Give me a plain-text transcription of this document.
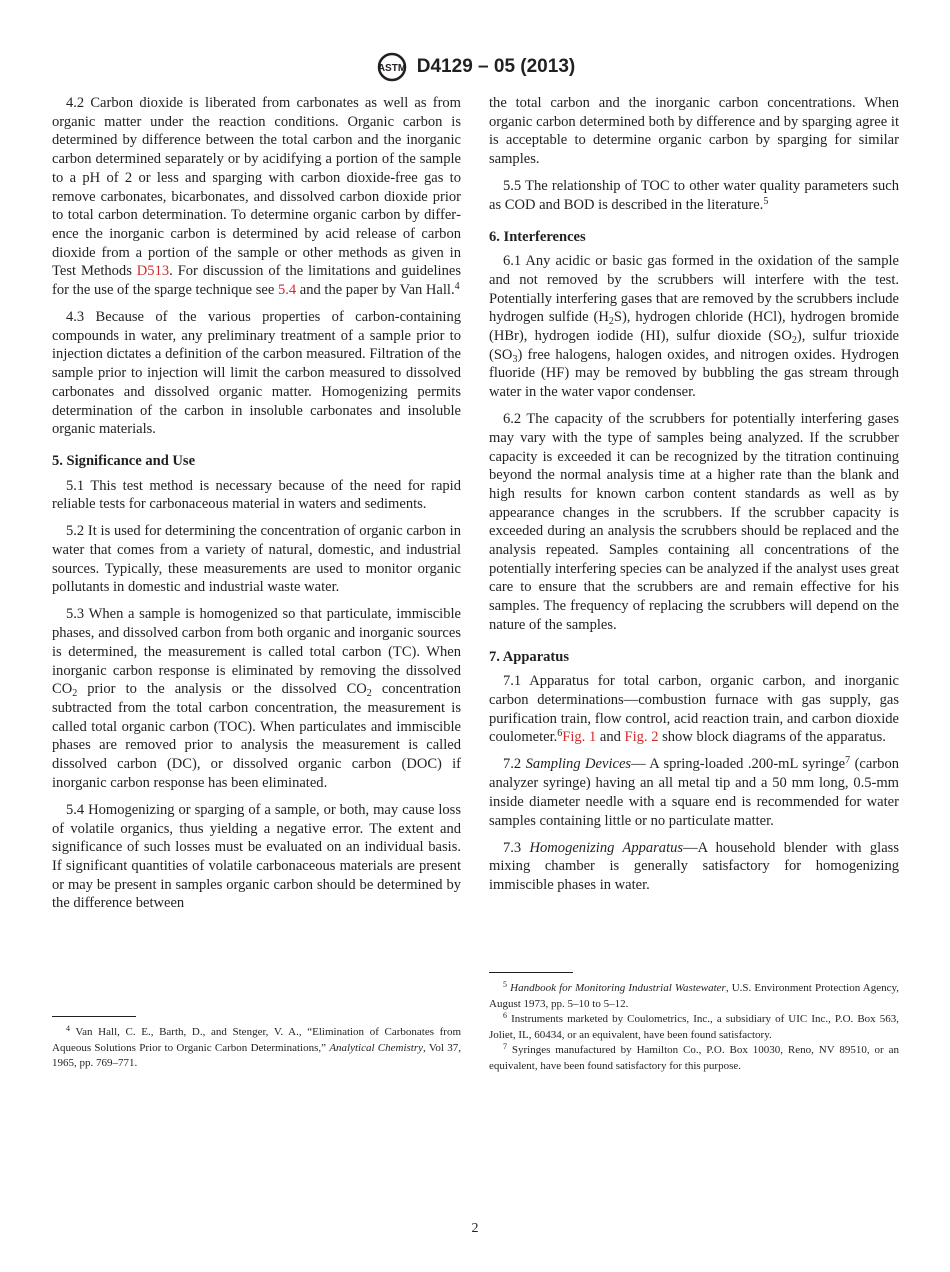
ASTM D4129 – 05 (2013)

4.2 Carbon dioxide is liberated from carbonates as well as from organic matter under the reaction conditions. Organic carbon is determined by difference between the total carbon and the inorganic carbon determined separately or by acidifying a portion of the sample to a pH of 2 or less and sparging with carbon dioxide-free gas to remove carbonates, bicarbonates, and dissolved carbon dioxide prior to total carbon determination. To determine organic carbon by difference the inorganic carbon is determined by acid release of carbon dioxide from a portion of the sample or other methods as given in Test Methods D513. For discussion of the limitations and guidelines for the use of the sparge technique see 5.4 and the paper by Van Hall.$^4$

4.3 Because of the various properties of carbon-containing compounds in water, any preliminary treatment of a sample prior to injection dictates a definition of the carbon measured. Filtration of the sample prior to injection will limit the carbon measured to dissolved carbonates and dissolved organic matter. Homogenizing permits determination of the carbon in insoluble carbonates and insoluble organic materials.

5. Significance and Use

5.1 This test method is necessary because of the need for rapid reliable tests for carbonaceous material in waters and sediments.

5.2 It is used for determining the concentration of organic carbon in water that comes from a variety of natural, domestic, and industrial sources. Typically, these measurements are used to monitor organic pollutants in domestic and industrial waste water.

5.3 When a sample is homogenized so that particulate, immiscible phases, and dissolved carbon from both organic and inorganic sources is determined, the measurement is called total carbon (TC). When inorganic carbon response is eliminated by removing the dissolved $CO_2$ prior to the analysis or the dissolved $CO_2$ concentration subtracted from the total carbon concentration, the measurement is called total organic carbon (TOC). When particulates and immiscible phases are removed prior to analysis the measurement is called dissolved carbon (DC), or dissolved organic carbon (DOC) if inorganic carbon response has been eliminated.

5.4 Homogenizing or sparging of a sample, or both, may cause loss of volatile organics, thus yielding a negative error. The extent and significance of such losses must be evaluated on an individual basis. If significant quantities of volatile carbonaceous materials are present or may be present in samples organic carbon should be determined by the difference between

the total carbon and the inorganic carbon concentrations. When organic carbon determined both by difference and by sparging agree it is acceptable to determine organic carbon by sparging for similar samples.

5.5 The relationship of TOC to other water quality parameters such as COD and BOD is described in the literature.$^5$

6. Interferences

6.1 Any acidic or basic gas formed in the oxidation of the sample and not removed by the scrubbers will interfere with the test. Potentially interfering gases that are removed by the scrubbers include hydrogen sulfide $(H_2S)$, hydrogen chloride (HCl), hydrogen bromide (HBr), hydrogen iodide (HI), sulfur dioxide $(SO_2)$, sulfur trioxide $(SO_3)$ free halogens, halogen oxides, and nitrogen oxides. Hydrogen fluoride (HF) may be removed by bubbling the gas stream through water in the water vapor condenser.

6.2 The capacity of the scrubbers for potentially interfering gases may vary with the type of samples being analyzed. If the scrubber capacity is exceeded it can be recognized by the titration continuing beyond the normal analysis time at a higher rate than the blank and high results for known carbon content standards as well as by appearance changes in the scrubbers. If the scrubber capacity is exceeded during an analysis the scrubbers should be replaced and the analysis repeated. Samples containing all concentrations of the potentially interfering species can be analyzed if the analyst uses great care to ensure that the scrubbers are and remain effective for his samples. The frequency of replacing the scrubbers will depend on the nature of the samples.

7. Apparatus

7.1 Apparatus for total carbon, organic carbon, and inorganic carbon determinations—combustion furnace with gas supply, gas purification train, flow control, acid reaction train, and carbon dioxide coulometer.$^6$Fig. 1 and Fig. 2 show block diagrams of the apparatus.

7.2 Sampling Devices— A spring-loaded .200-mL syringe$^7$ (carbon analyzer syringe) having an all metal tip and a 50 mm long, 0.5-mm inside diameter needle with a square end is recommended for water samples containing little or no particulate matter.

7.3 Homogenizing Apparatus—A household blender with glass mixing chamber is generally satisfactory for homogenizing immiscible phases in water.

$^4$ Van Hall, C. E., Barth, D., and Stenger, V. A., “Elimination of Carbonates from Aqueous Solutions Prior to Organic Carbon Determinations,” Analytical Chemistry, Vol 37, 1965, pp. 769–771.

$^5$ Handbook for Monitoring Industrial Wastewater, U.S. Environment Protection Agency, August 1973, pp. 5–10 to 5–12.

$^6$ Instruments marketed by Coulometrics, Inc., a subsidiary of UIC Inc., P.O. Box 563, Joliet, IL, 60434, or an equivalent, have been found satisfactory.

$^7$ Syringes manufactured by Hamilton Co., P.O. Box 10030, Reno, NV 89510, or an equivalent, have been found satisfactory for this purpose.

2
